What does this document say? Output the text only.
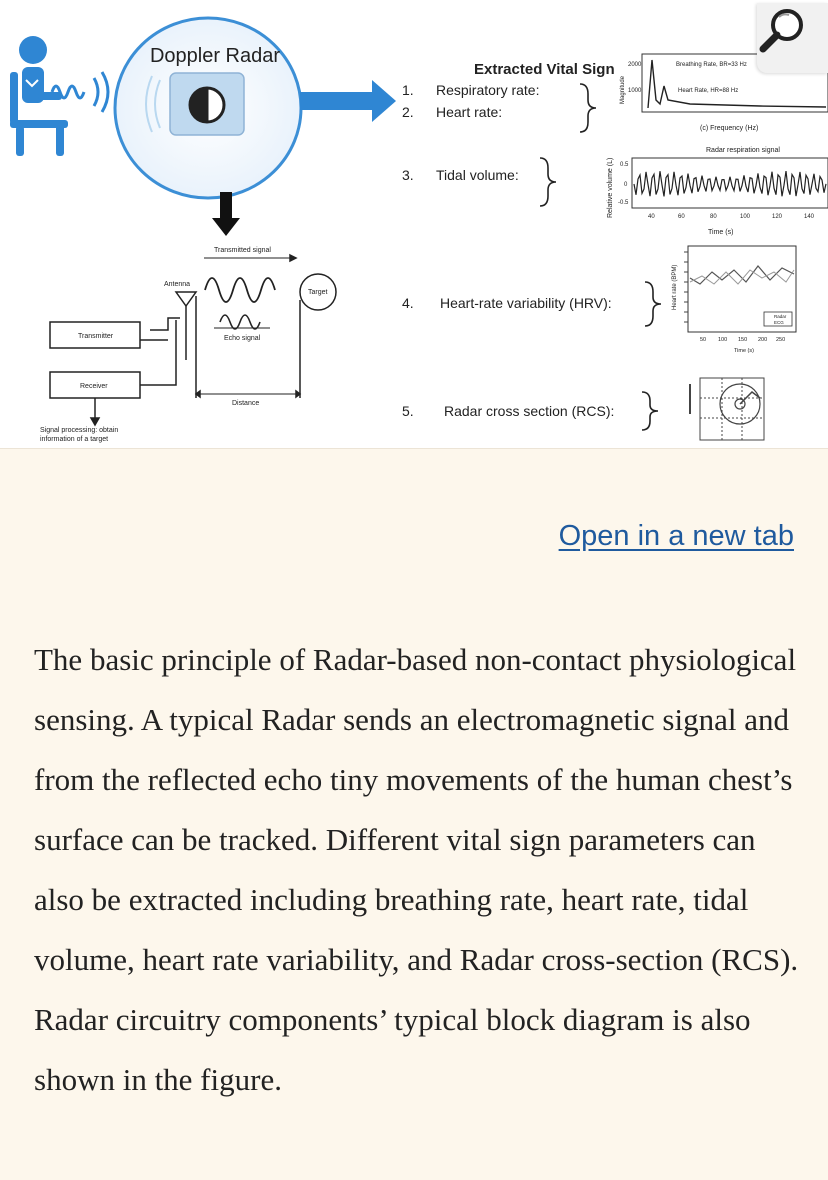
Doppler Radar
Extracted Vital Sign
1. Respiratory rate:
2. Heart rate:
3. Tidal volume:
4. Heart-rate variability (HRV):
5. Radar cross section (RCS):
Breathing Rate, BR=33 Hz
Heart Rate, HR=88 Hz
2000
1000
Magnitude
(c) Frequency (Hz)
Radar respiration signal
0.5
0
-0.5
Relative volume (L)	40	60	80	100	120	140
Time (s)
Radar
ECG
Heart rate (BPM)
50 100 150 200 250
Time (s)
Transmitted signal
Antenna
Target
Transmitter	Echo signal
Receiver
Distance
Signal processing: obtain
information of a target
Open in a new tab

The basic principle of Radar-based non-contact physiological sensing. A typical Radar sends an electromagnetic signal and from the reflected echo tiny movements of the human chest’s surface can be tracked. Different vital sign parameters can also be extracted including breathing rate, heart rate, tidal volume, heart rate variability, and Radar cross-section (RCS). Radar circuitry components’ typical block diagram is also shown in the figure.
